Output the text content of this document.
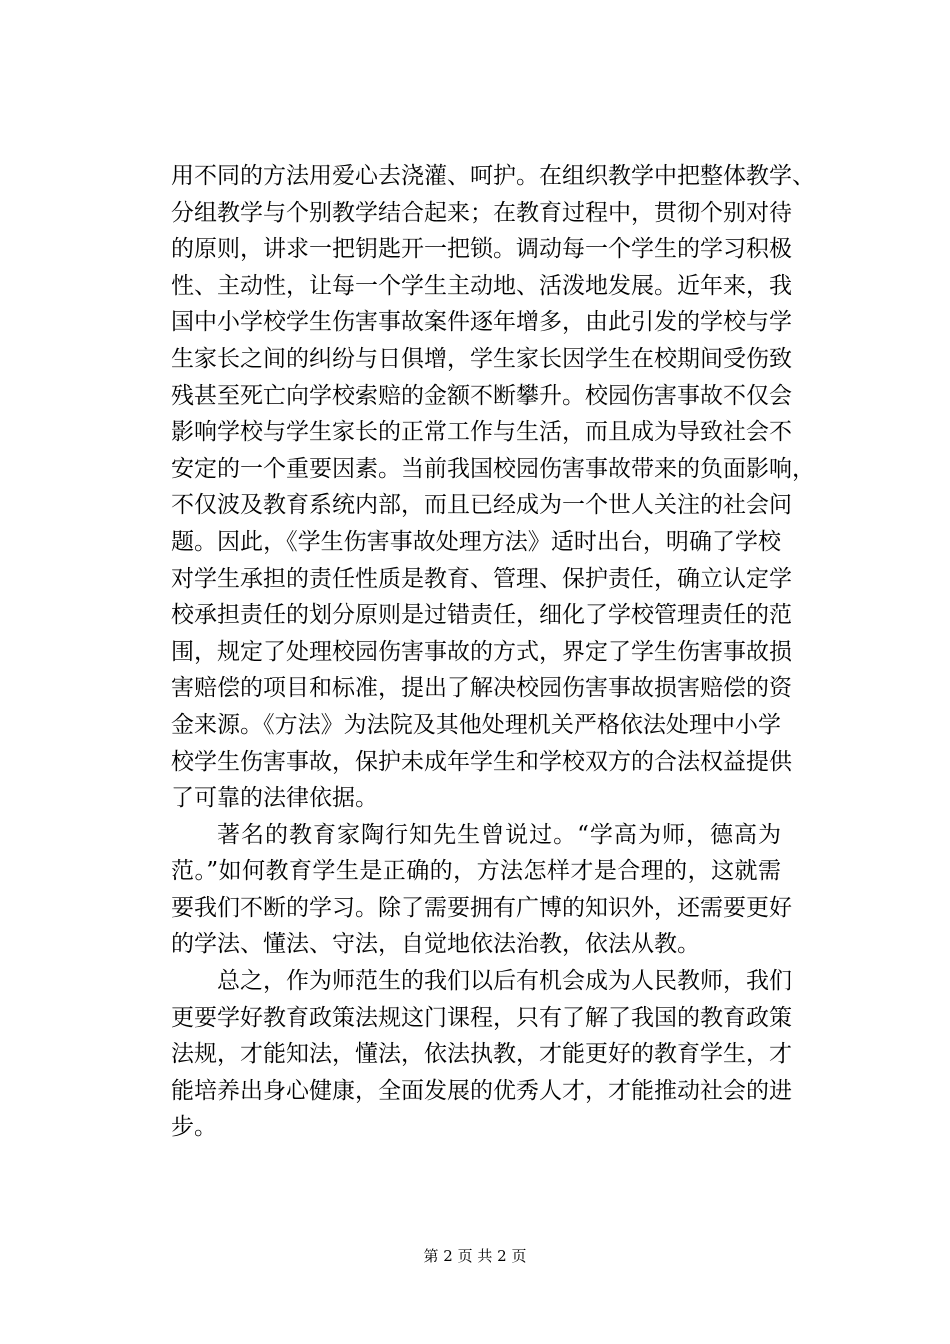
用不同的方法用爱心去浇灌、呵护。在组织教学中把整体教学、
分组教学与个别教学结合起来；在教育过程中，贯彻个别对待
的原则，讲求一把钥匙开一把锁。调动每一个学生的学习积极
性、主动性，让每一个学生主动地、活泼地发展。近年来，我
国中小学校学生伤害事故案件逐年增多，由此引发的学校与学
生家长之间的纠纷与日俱增，学生家长因学生在校期间受伤致
残甚至死亡向学校索赔的金额不断攀升。校园伤害事故不仅会
影响学校与学生家长的正常工作与生活，而且成为导致社会不
安定的一个重要因素。当前我国校园伤害事故带来的负面影响，
不仅波及教育系统内部，而且已经成为一个世人关注的社会问
题。因此，《学生伤害事故处理方法》适时出台，明确了学校
对学生承担的责任性质是教育、管理、保护责任，确立认定学
校承担责任的划分原则是过错责任，细化了学校管理责任的范
围，规定了处理校园伤害事故的方式，界定了学生伤害事故损
害赔偿的项目和标准，提出了解决校园伤害事故损害赔偿的资
金来源。《方法》为法院及其他处理机关严格依法处理中小学
校学生伤害事故，保护未成年学生和学校双方的合法权益提供
了可靠的法律依据。
著名的教育家陶行知先生曾说过。“学高为师，德高为
范。”如何教育学生是正确的，方法怎样才是合理的，这就需
要我们不断的学习。除了需要拥有广博的知识外，还需要更好
的学法、懂法、守法，自觉地依法治教，依法从教。
总之，作为师范生的我们以后有机会成为人民教师，我们
更要学好教育政策法规这门课程，只有了解了我国的教育政策
法规，才能知法，懂法，依法执教，才能更好的教育学生，才
能培养出身心健康，全面发展的优秀人才，才能推动社会的进
步。
第 2 页 共 2 页
